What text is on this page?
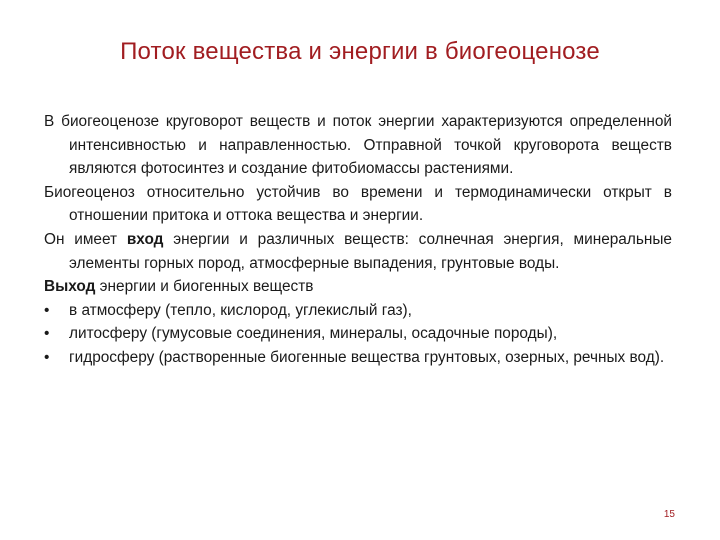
Поток вещества и энергии в биогеоценозе

В биогеоценозе круговорот веществ и поток энергии характеризуются определенной интенсивностью и направленностью. Отправной точкой круговорота веществ являются фотосинтез и создание фитобиомассы растениями.

Биогеоценоз относительно устойчив во времени и термодинамически открыт в отношении притока и оттока вещества и энергии.

Он имеет вход энергии и различных веществ: солнечная энергия, минеральные элементы горных пород, атмосферные выпадения, грунтовые воды.

Выход энергии и биогенных веществ

•	в атмосферу (тепло, кислород, углекислый газ),

•	литосферу (гумусовые соединения, минералы, осадочные породы),

•	гидросферу (растворенные биогенные вещества грунтовых, озерных, речных вод).

15
